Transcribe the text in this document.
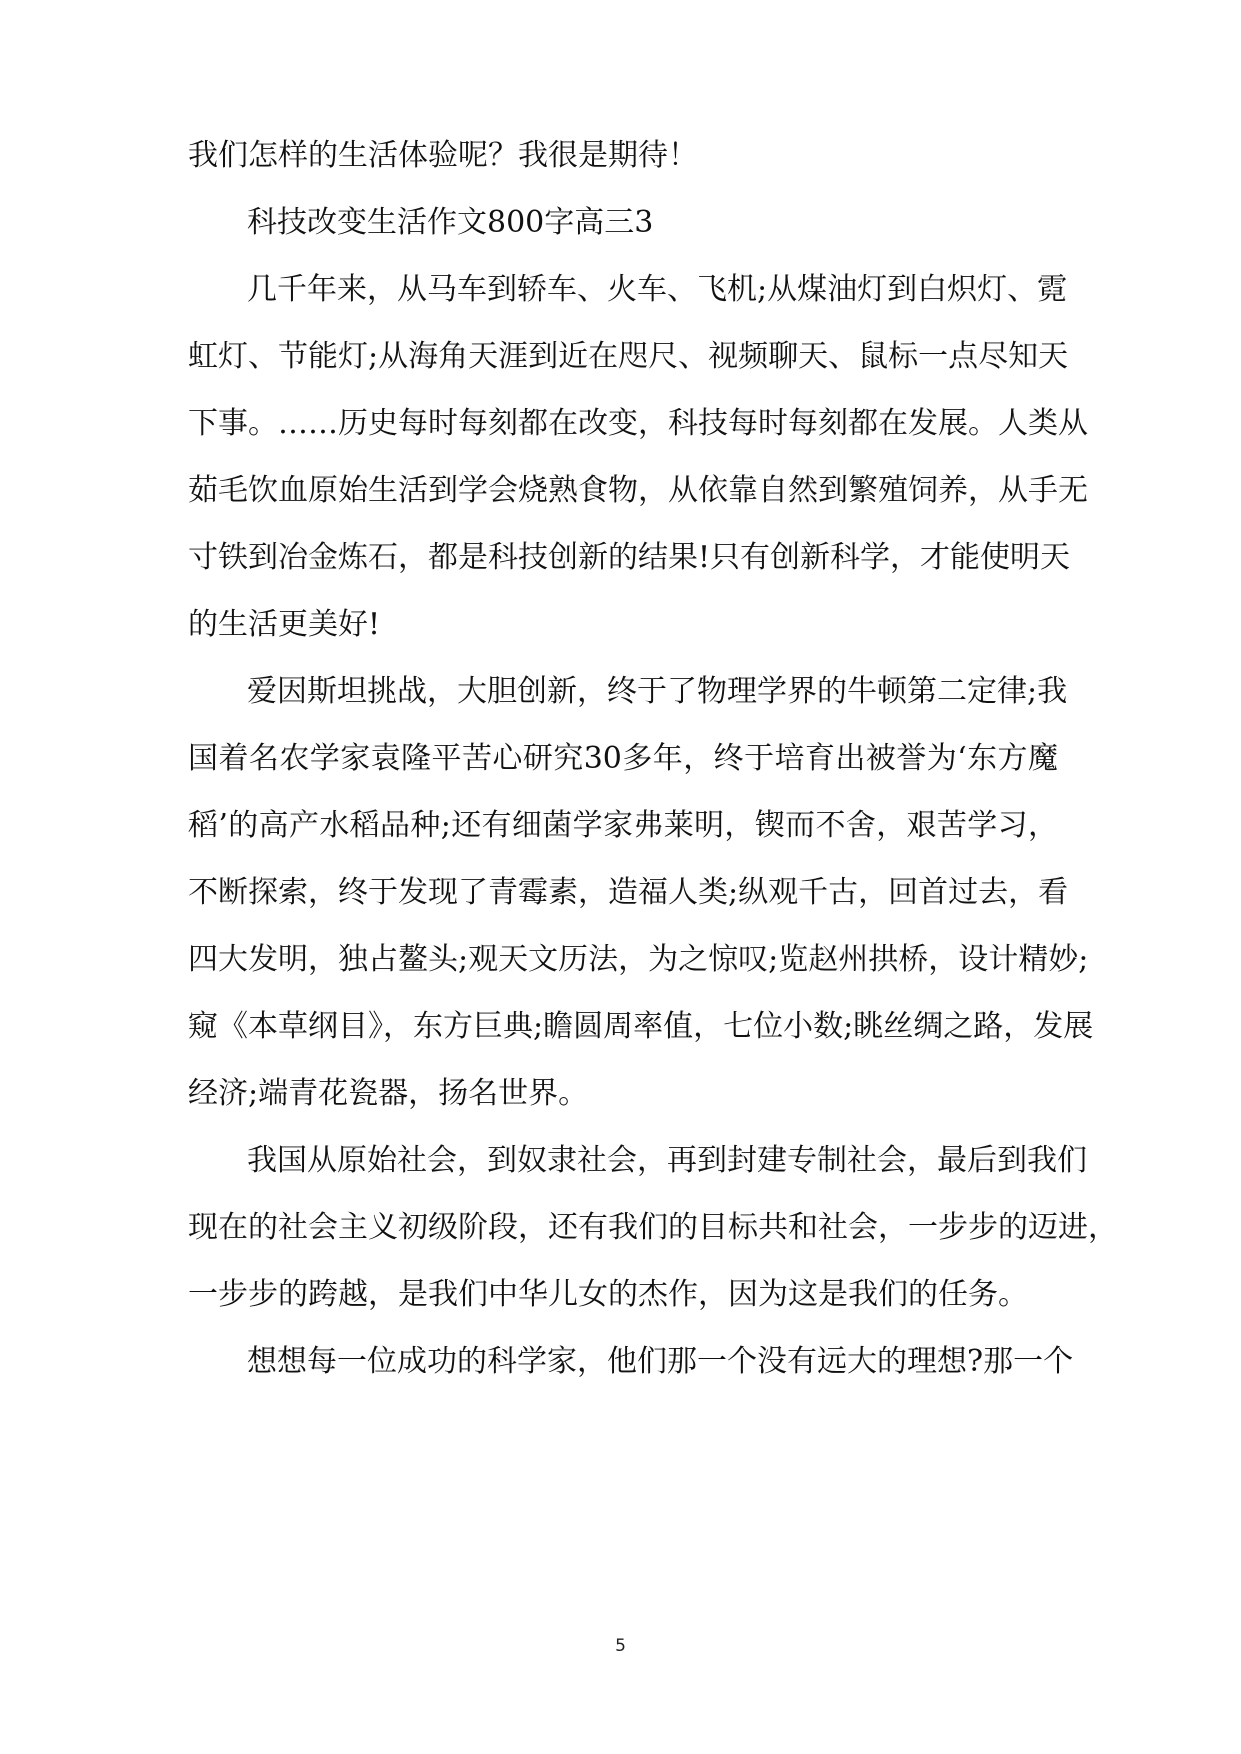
我们怎样的生活体验呢？我很是期待！
科技改变生活作文800字高三3
几千年来，从马车到轿车、火车、飞机;从煤油灯到白炽灯、霓
虹灯、节能灯;从海角天涯到近在咫尺、视频聊天、鼠标一点尽知天
下事。……历史每时每刻都在改变，科技每时每刻都在发展。人类从
茹毛饮血原始生活到学会烧熟食物，从依靠自然到繁殖饲养，从手无
寸铁到冶金炼石，都是科技创新的结果!只有创新科学，才能使明天
的生活更美好!
爱因斯坦挑战，大胆创新，终于了物理学界的牛顿第二定律;我
国着名农学家袁隆平苦心研究30多年，终于培育出被誉为‘东方魔
稻’的高产水稻品种;还有细菌学家弗莱明，锲而不舍，艰苦学习，
不断探索，终于发现了青霉素，造福人类;纵观千古，回首过去，看
四大发明，独占鳌头;观天文历法，为之惊叹;览赵州拱桥，设计精妙;
窥《本草纲目》，东方巨典;瞻圆周率值，七位小数;眺丝绸之路，发展
经济;端青花瓷器，扬名世界。
我国从原始社会，到奴隶社会，再到封建专制社会，最后到我们
现在的社会主义初级阶段，还有我们的目标共和社会，一步步的迈进，
一步步的跨越，是我们中华儿女的杰作，因为这是我们的任务。
想想每一位成功的科学家，他们那一个没有远大的理想?那一个
5
